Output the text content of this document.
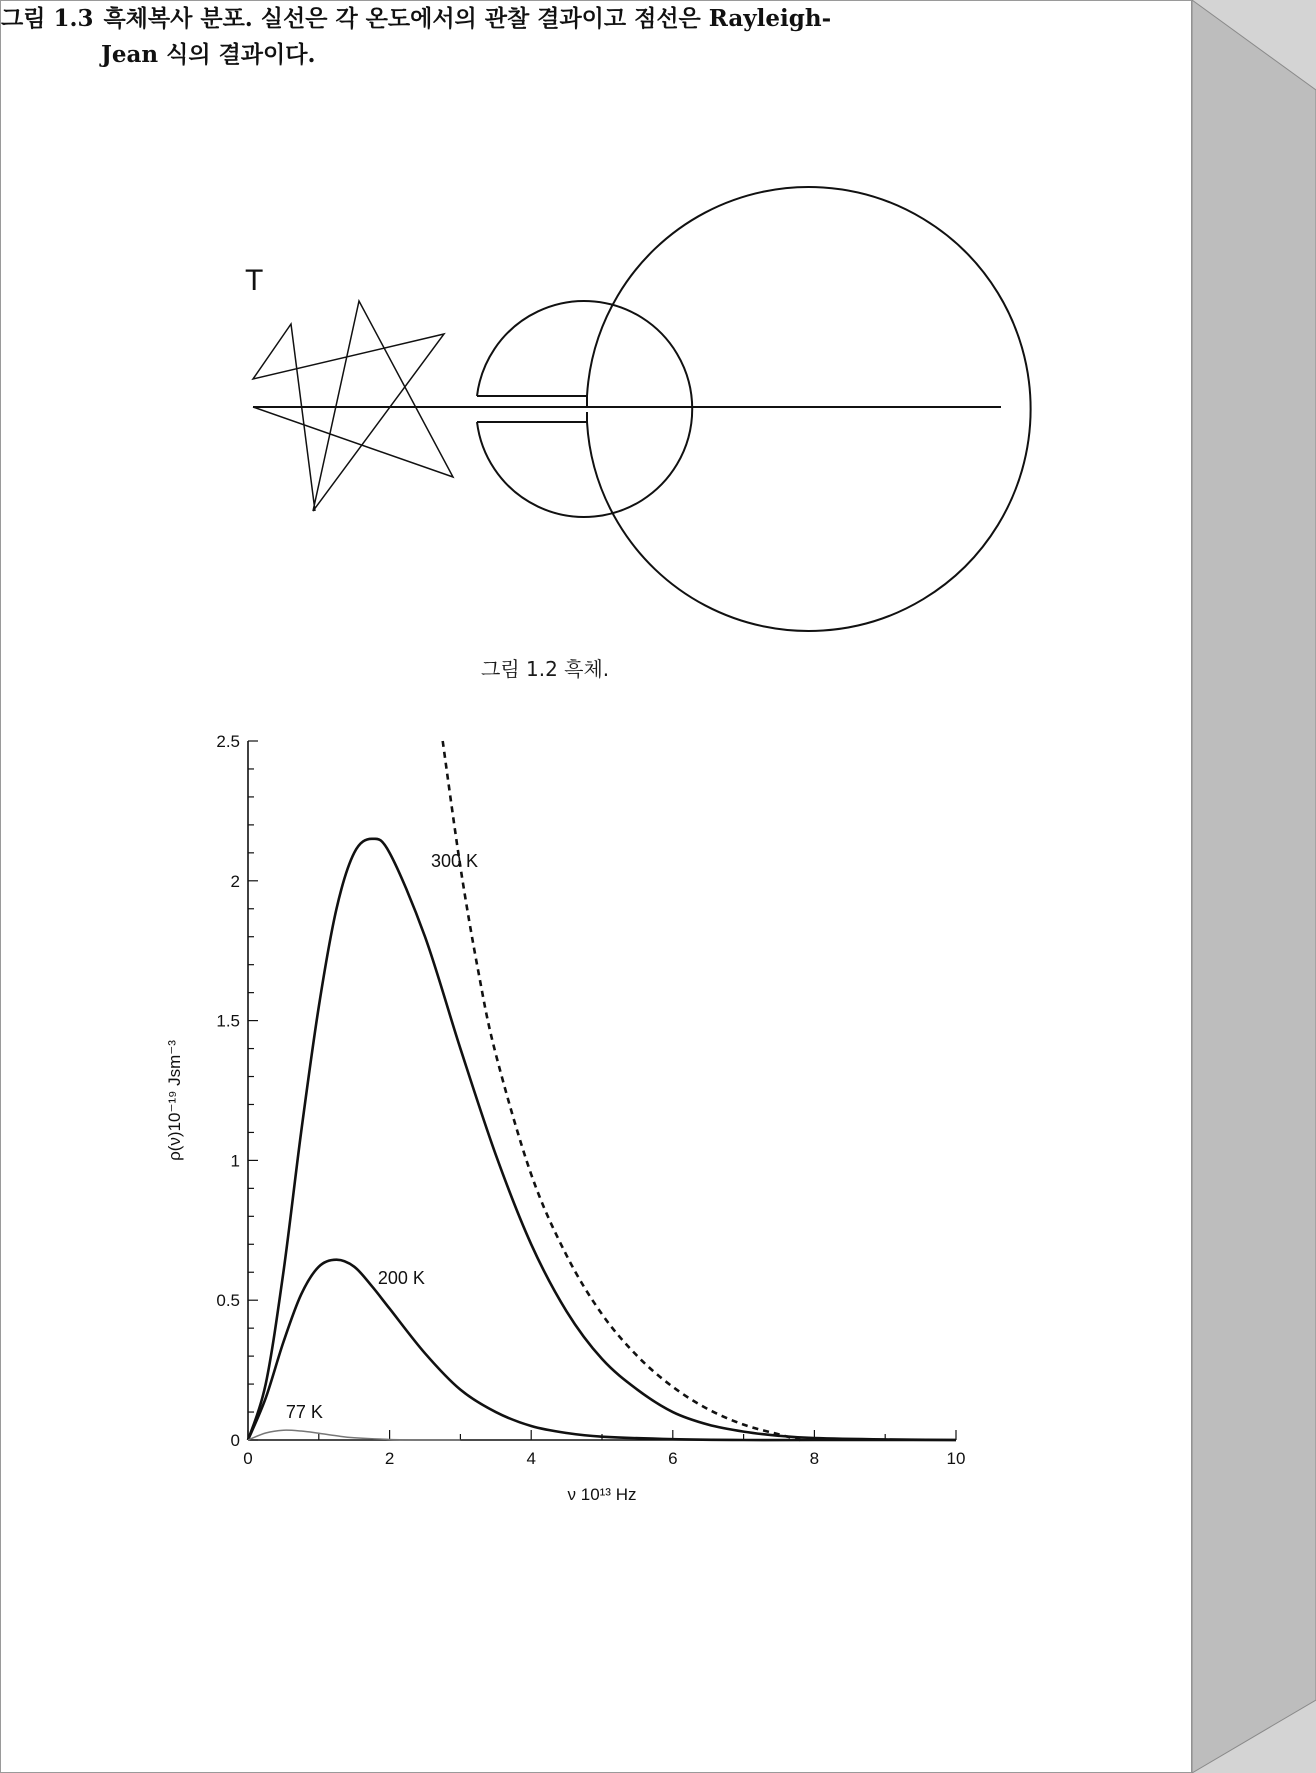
T
그림 1.2 흑체.
0
0.5
1
1.5
2
2.5
0	2	4	6	8	10
ν 10¹³ Hz
ρ(ν)10⁻¹⁹ Jsm⁻³
300 K
200 K
77 K
그림 1.3 흑체복사 분포. 실선은 각 온도에서의 관찰 결과이고 점선은 Rayleigh-
Jean 식의 결과이다.
